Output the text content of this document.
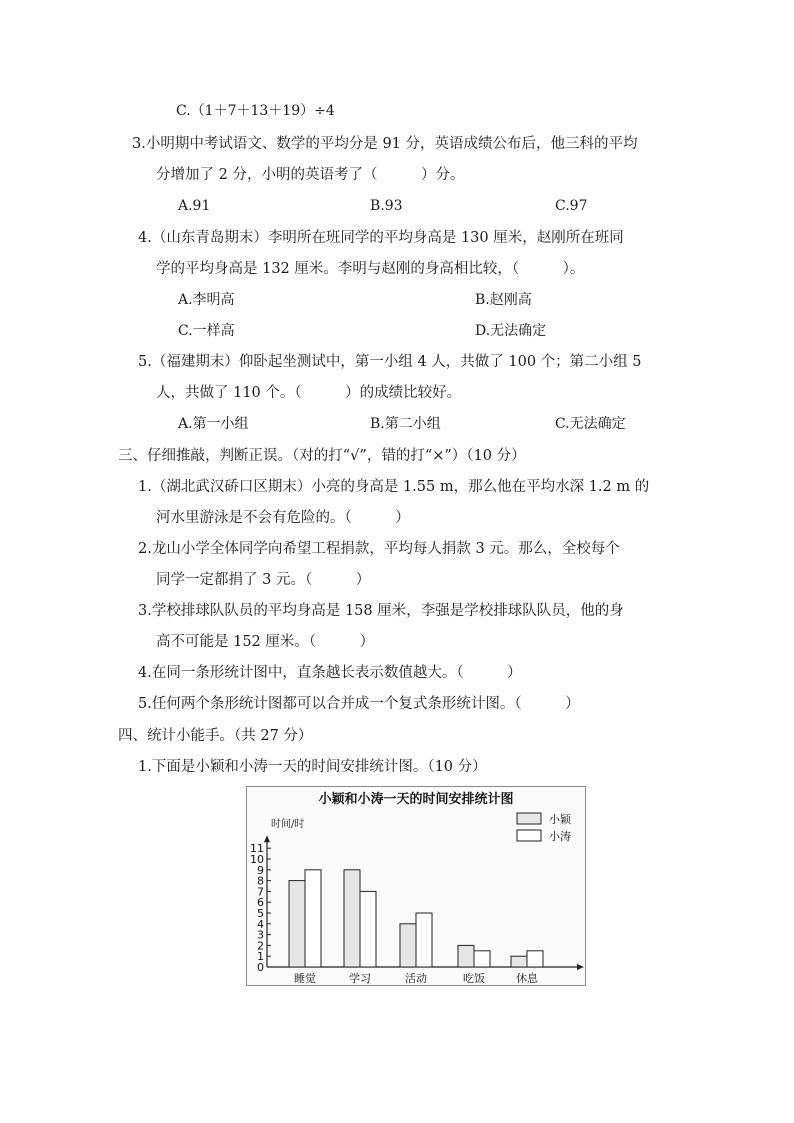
C.（1＋7＋13＋19）÷4
3.小明期中考试语文、数学的平均分是 91 分，英语成绩公布后，他三科的平均
分增加了 2 分，小明的英语考了（　　　）分。
A.91	B.93	C.97
4.（山东青岛期末）李明所在班同学的平均身高是 130 厘米，赵刚所在班同
学的平均身高是 132 厘米。李明与赵刚的身高相比较，（　　　）。
A.李明高	B.赵刚高
C.一样高	D.无法确定
5.（福建期末）仰卧起坐测试中，第一小组 4 人，共做了 100 个；第二小组 5
人，共做了 110 个。（　　　）的成绩比较好。
A.第一小组	B.第二小组	C.无法确定
三、仔细推敲，判断正误。（对的打“√”，错的打“×”）（10 分）
1.（湖北武汉硚口区期末）小亮的身高是 1.55 m，那么他在平均水深 1.2 m 的
河水里游泳是不会有危险的。（　　　）
2.龙山小学全体同学向希望工程捐款，平均每人捐款 3 元。那么，全校每个
同学一定都捐了 3 元。（　　　）
3.学校排球队队员的平均身高是 158 厘米，李强是学校排球队队员，他的身
高不可能是 152 厘米。（　　　）
4.在同一条形统计图中，直条越长表示数值越大。（　　　）
5.任何两个条形统计图都可以合并成一个复式条形统计图。（　　　）
四、统计小能手。（共 27 分）
1.下面是小颖和小涛一天的时间安排统计图。（10 分）
小颖和小涛一天的时间安排统计图
时间/时
0
1
2
3
4
5
6
7
8
9
10
11
睡觉	学习	活动	吃饭	休息
小颖
小涛
